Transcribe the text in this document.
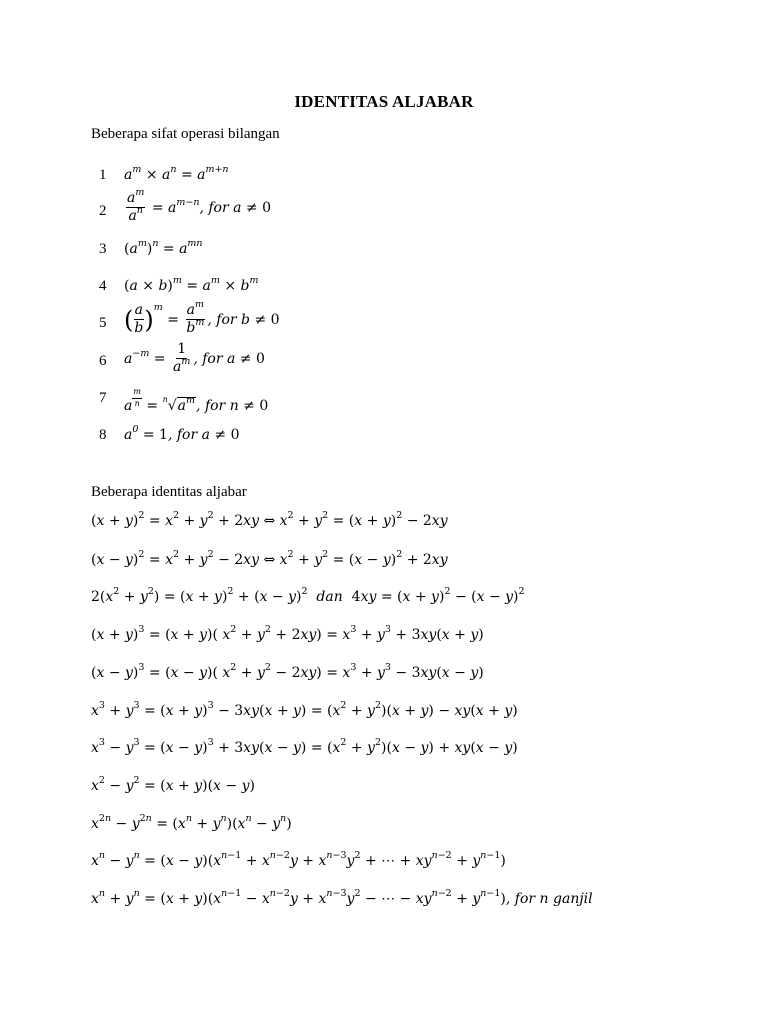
IDENTITAS ALJABAR
Beberapa sifat operasi bilangan
1	$a^m \times a^n = a^{m+n}$
2	$\frac{a^m}{a^n} = a^{m-n}$, for a ≠ 0
3	$(a^m)^n = a^{mn}$
4	$(a \times b)^m = a^m \times b^m$
5 ( $\frac{a}{b} )^m = \frac{a^m}{b^m}$ , for b ≠ 0
6	$a^{-m} = \frac{1}{a^m}$ , for a ≠ 0
7	a $^{\frac{m}{n}} = ^n√a^m$, for n ≠ 0
8	$a^0 = 1$, for a ≠ 0
Beberapa identitas aljabar
$(x + y)^2 = x^2 + y^2 + 2xy$ ⇔ $x^2 + y^2 = (x + y)^2 - 2xy$
$(x - y)^2 = x^2 + y^2 - 2xy$ ⇔ $x^2 + y^2 = (x - y)^2 + 2xy$
$2(x^2 + y^2) = (x + y)^2 + (x - y)^2$  dan  $4xy = (x + y)^2 - (x - y)^2$
$(x + y)^3 = (x + y)$( $x^2 + y^2 + 2xy) = x^3 + y^3 + 3xy(x + y)$
$(x - y)^3 = (x - y)$( $x^2 + y^2 - 2xy) = x^3 + y^3 - 3xy(x - y)$
$x^3 + y^3 = (x + y)^3 - 3xy(x + y) = (x^2 + y^2)(x + y) - xy(x + y)$
$x^3 - y^3 = (x - y)^3 + 3xy(x - y) = (x^2 + y^2)(x - y) + xy(x - y)$
$x^2 - y^2 = (x + y)(x - y)$
$x^{2n} - y^{2n} = (x^n + y^n)(x^n - y^n)$
$x^n - y^n = (x - y)(x^{n-1} + x^{n-2}y + x^{n-3}y^2$ + ⋯ + $xy^{n-2} + y^{n-1}$)
$x^n + y^n = (x + y)(x^{n-1} - x^{n-2}y + x^{n-3}y^2$ − ⋯ − $xy^{n-2} + y^{n-1}$), for n ganjil
